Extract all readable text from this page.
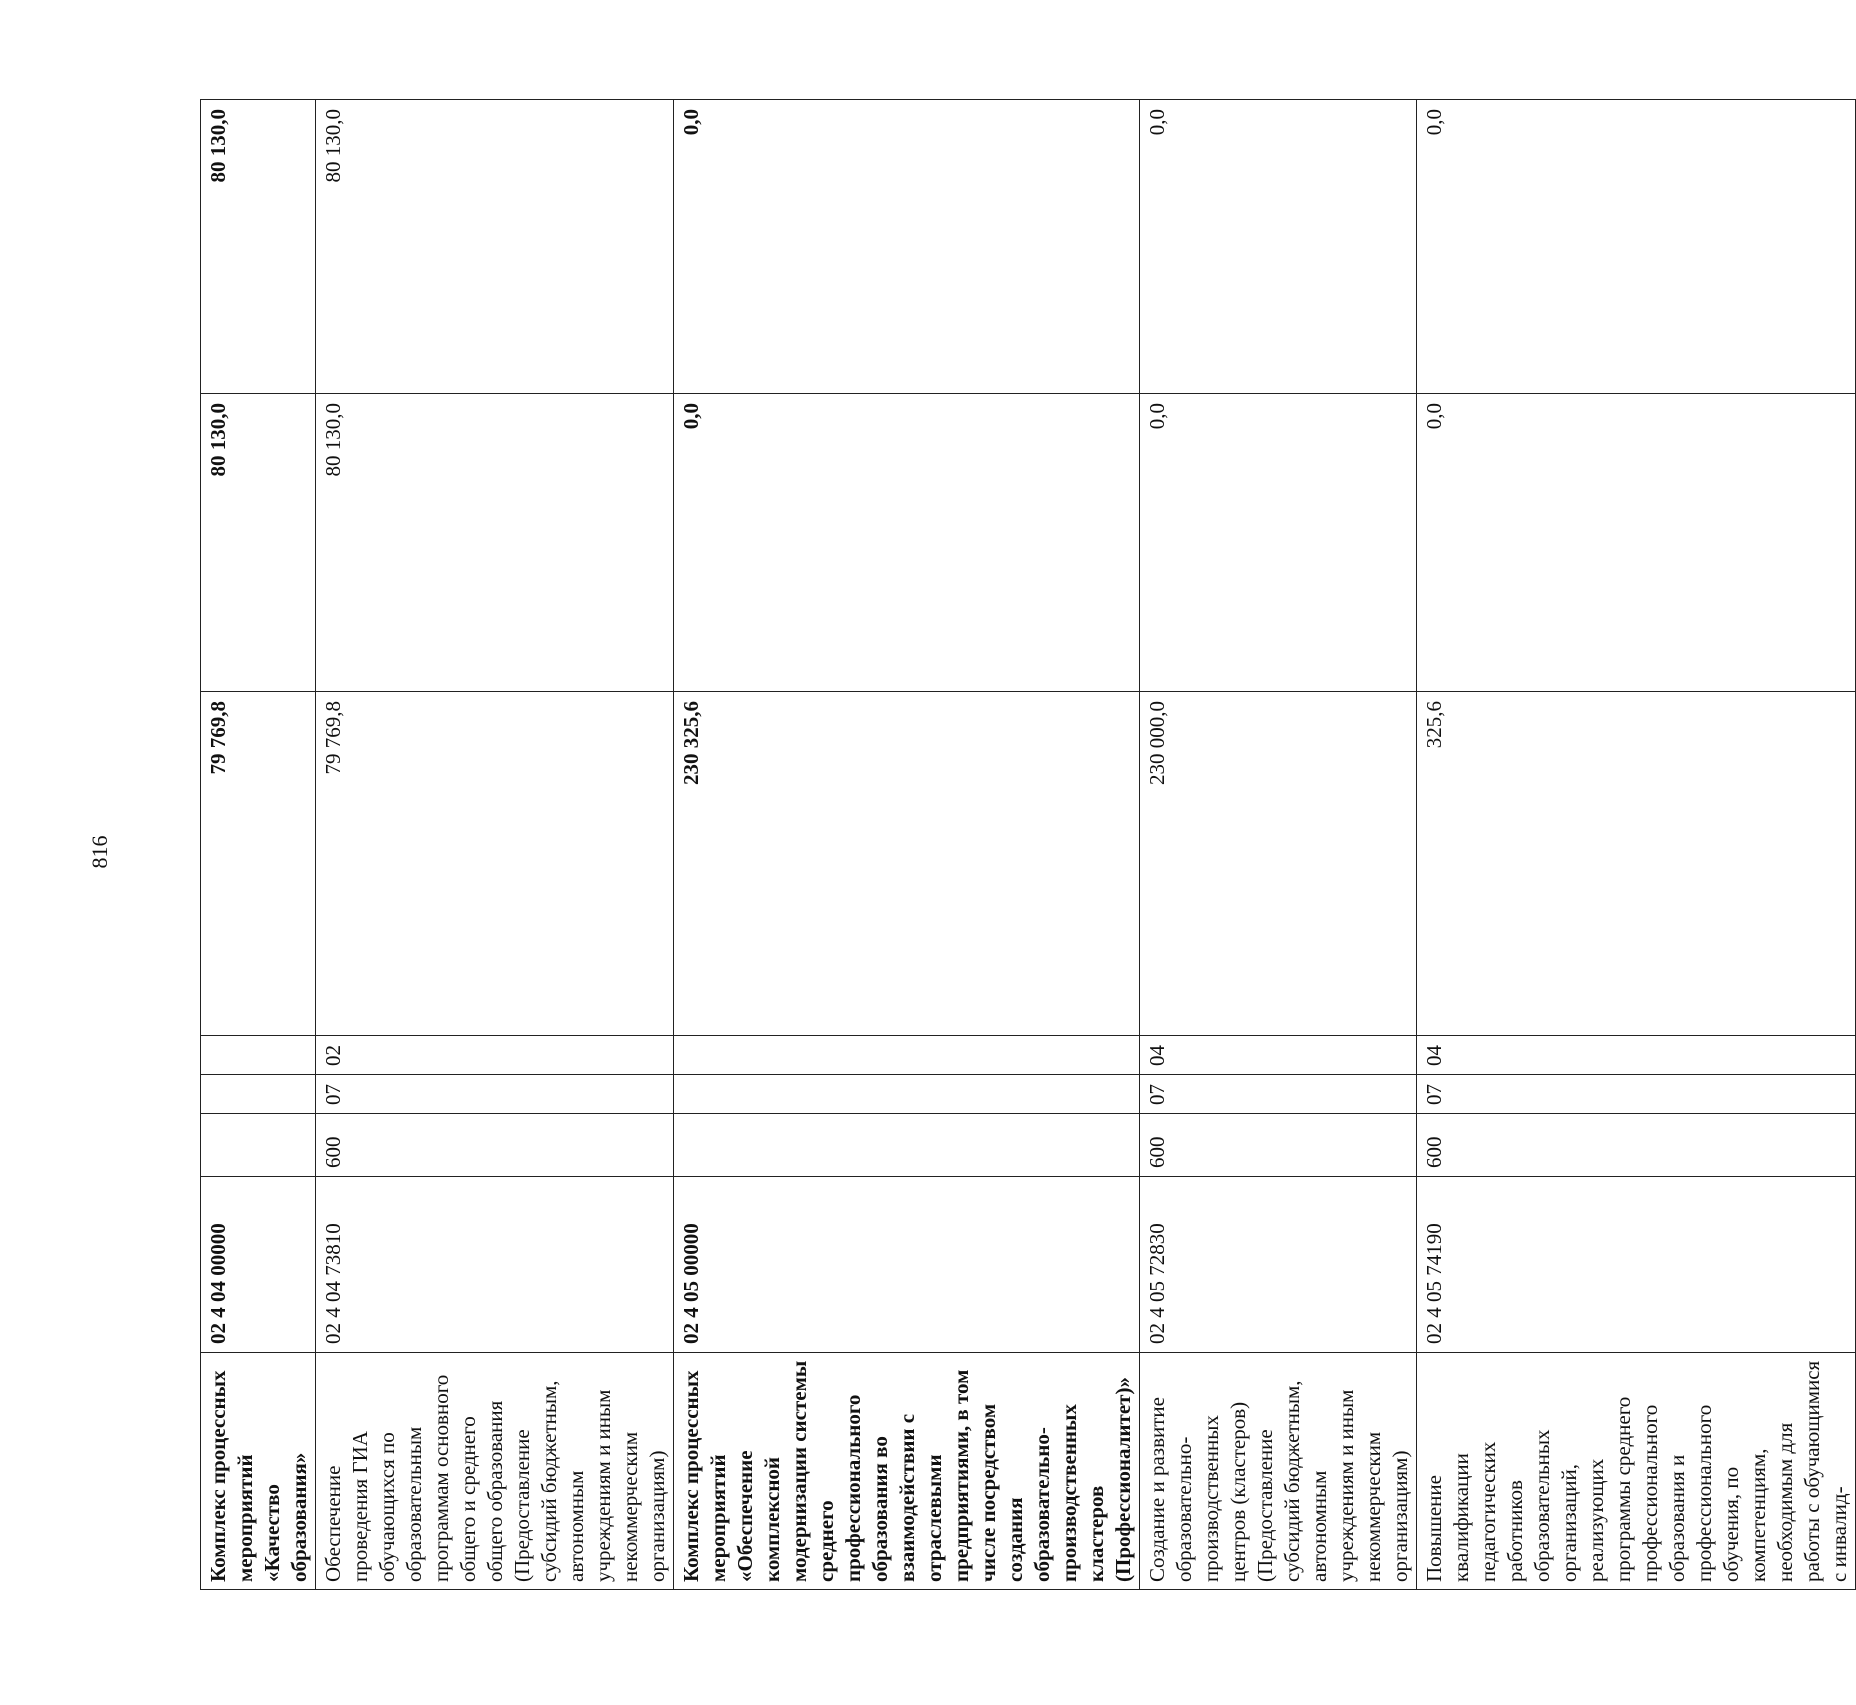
816
Комплекс процессных мероприятий «Качество образования»	02 4 04 00000				79 769,8	80 130,0	80 130,0
Обеспечение проведения ГИА обучающихся по образовательным программам основного общего и среднего общего образования (Предоставление субсидий бюджетным, автономным учреждениям и иным некоммерческим организациям)	02 4 04 73810	600	07	02	79 769,8	80 130,0	80 130,0
Комплекс процессных мероприятий «Обеспечение комплексной модернизации системы среднего профессионального образования во взаимодействии с отраслевыми предприятиями, в том числе посредством создания образовательно-производственных кластеров (Профессионалитет)»	02 4 05 00000				230 325,6	0,0	0,0
Создание и развитие образовательно-производственных центров (кластеров) (Предоставление субсидий бюджетным, автономным учреждениям и иным некоммерческим организациям)	02 4 05 72830	600	07	04	230 000,0	0,0	0,0
Повышение квалификации педагогических работников образовательных организаций, реализующих программы среднего профессионального образования и профессионального обучения, по компетенциям, необходимым для работы с обучающимися с инвалид-	02 4 05 74190	600	07	04	325,6	0,0	0,0
